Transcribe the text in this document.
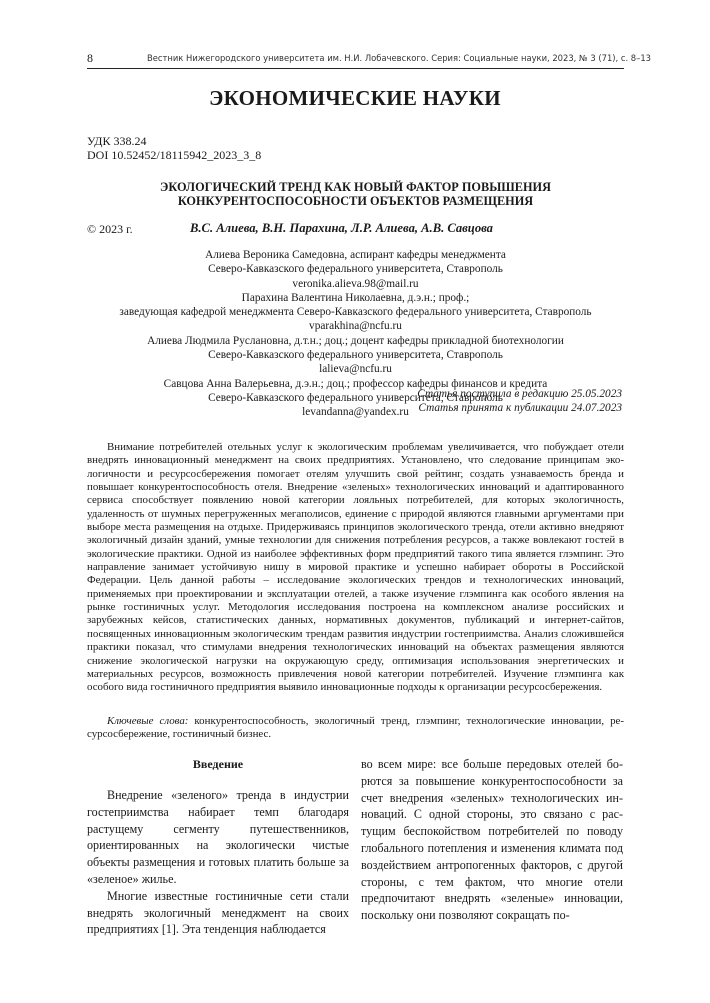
8	Вестник Нижегородского университета им. Н.И. Лобачевского. Серия: Социальные науки, 2023, № 3 (71), с. 8–13
ЭКОНОМИЧЕСКИЕ НАУКИ
УДК 338.24
DOI 10.52452/18115942_2023_3_8
ЭКОЛОГИЧЕСКИЙ ТРЕНД КАК НОВЫЙ ФАКТОР ПОВЫШЕНИЯ
КОНКУРЕНТОСПОСОБНОСТИ ОБЪЕКТОВ РАЗМЕЩЕНИЯ
© 2023 г.	В.С. Алиева, В.Н. Парахина, Л.Р. Алиева, А.В. Савцова
Алиева Вероника Самедовна, аспирант кафедры менеджмента
Северо-Кавказского федерального университета, Ставрополь
veronika.alieva.98@mail.ru
Парахина Валентина Николаевна, д.э.н.; проф.;
заведующая кафедрой менеджмента Северо-Кавказского федерального университета, Ставрополь
vparakhina@ncfu.ru
Алиева Людмила Руслановна, д.т.н.; доц.; доцент кафедры прикладной биотехнологии
Северо-Кавказского федерального университета, Ставрополь
lalieva@ncfu.ru
Савцова Анна Валерьевна, д.э.н.; доц.; профессор кафедры финансов и кредита
Северо-Кавказского федерального университета, Ставрополь
levandanna@yandex.ru
Статья поступила в редакцию 25.05.2023
Статья принята к публикации 24.07.2023

Внимание потребителей отельных услуг к экологическим проблемам увеличивается, что побуждает отели внедрять инновационный менеджмент на своих предприятиях. Установлено, что следование принципам экологичности и ресурсосбережения помогает отелям улучшить свой рейтинг, создать узнаваемость бренда и повышает конкурентоспособность отеля. Внедрение «зеленых» технологических инноваций и адаптированного сервиса способствует появлению новой категории лояльных потребителей, для которых экологичность, удаленность от шумных перегруженных мегаполисов, единение с природой являются главными аргументами при выборе места размещения на отдыхе. Придерживаясь принципов экологического тренда, отели активно внедряют экологичный дизайн зданий, умные технологии для снижения потребления ресурсов, а также вовлекают гостей в экологические практики. Одной из наиболее эффективных форм предприятий такого типа является глэмпинг. Это направление занимает устойчивую нишу в мировой практике и успешно набирает обороты в Российской Федерации. Цель данной работы – исследование экологических трендов и технологических инноваций, применяемых при проектировании и эксплуатации отелей, а также изучение глэмпинга как особого явления на рынке гостиничных услуг. Методология исследования построена на комплексном анализе российских и зарубежных кейсов, статистических данных, нормативных документов, публикаций и интернет-сайтов, посвященных инновационным экологическим трендам развития индустрии гостеприимства. Анализ сложившейся практики показал, что стимулами внедрения технологических инноваций на объектах размещения являются снижение экологической нагрузки на окружающую среду, оптимизация использования энергетических и материальных ресурсов, возможность привлечения новой категории потребителей. Изучение глэмпинга как особого вида гостиничного предприятия выявило инновационные подходы к организации ресурсосбережения.

Ключевые слова: конкурентоспособность, экологичный тренд, глэмпинг, технологические инновации, ресурсосбережение, гостиничный бизнес.

Введение

Внедрение «зеленого» тренда в индустрии гостеприимства набирает темп благодаря растущему сегменту путешественников, ориентированных на экологически чистые объекты размещения и готовых платить больше за «зеленое» жилье.

Многие известные гостиничные сети стали внедрять экологичный менеджмент на своих предприятиях [1]. Эта тенденция наблюдается

во всем мире: все больше передовых отелей борются за повышение конкурентоспособности за счет внедрения «зеленых» технологических инноваций. С одной стороны, это связано с растущим беспокойством потребителей по поводу глобального потепления и изменения климата под воздействием антропогенных факторов, с другой стороны, с тем фактом, что многие отели предпочитают внедрять «зеленые» инновации, поскольку они позволяют сокращать по-
